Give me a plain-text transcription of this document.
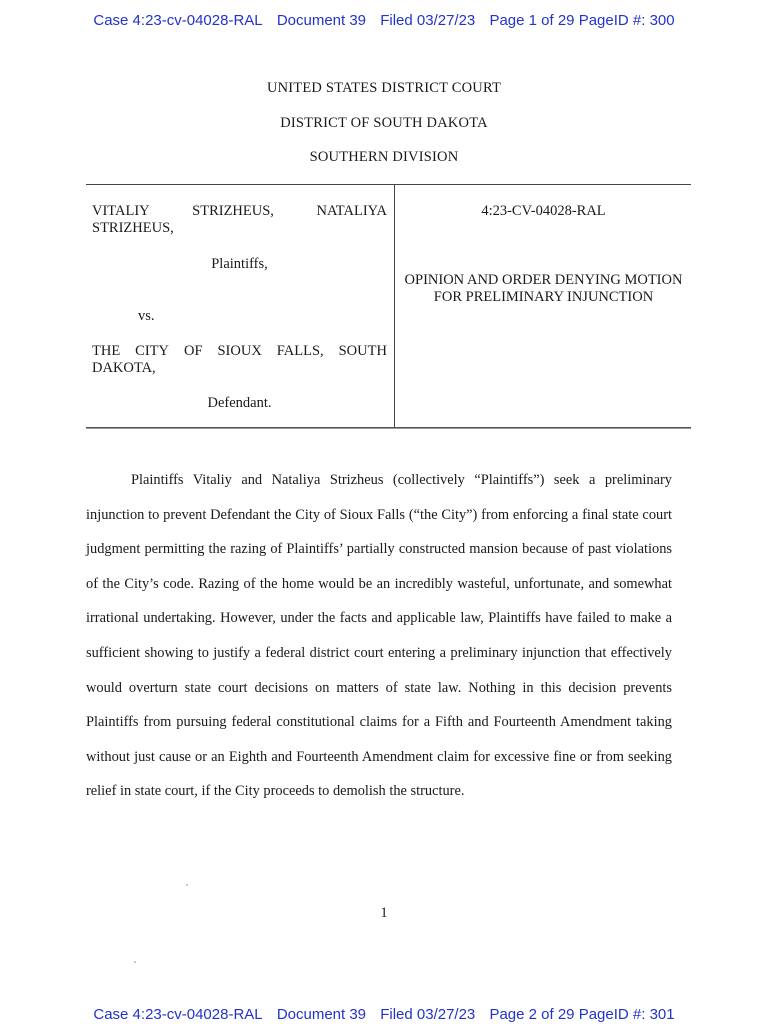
Case 4:23-cv-04028-RAL Document 39 Filed 03/27/23 Page 1 of 29 PageID #: 300
UNITED STATES DISTRICT COURT
DISTRICT OF SOUTH DAKOTA
SOUTHERN DIVISION
VITALIY	STRIZHEUS,	NATALIYA
STRIZHEUS,
Plaintiffs,
vs.
THE CITY OF SIOUX FALLS, SOUTH
DAKOTA,
Defendant.
4:23-CV-04028-RAL
OPINION AND ORDER DENYING MOTION FOR PRELIMINARY INJUNCTION

Plaintiffs Vitaliy and Nataliya Strizheus (collectively “Plaintiffs”) seek a preliminary injunction to prevent Defendant the City of Sioux Falls (“the City”) from enforcing a final state court judgment permitting the razing of Plaintiffs’ partially constructed mansion because of past violations of the City’s code. Razing of the home would be an incredibly wasteful, unfortunate, and somewhat irrational undertaking. However, under the facts and applicable law, Plaintiffs have failed to make a sufficient showing to justify a federal district court entering a preliminary injunction that effectively would overturn state court decisions on matters of state law. Nothing in this decision prevents Plaintiffs from pursuing federal constitutional claims for a Fifth and Fourteenth Amendment taking without just cause or an Eighth and Fourteenth Amendment claim for excessive fine or from seeking relief in state court, if the City proceeds to demolish the structure.

1
Case 4:23-cv-04028-RAL Document 39 Filed 03/27/23 Page 2 of 29 PageID #: 301
